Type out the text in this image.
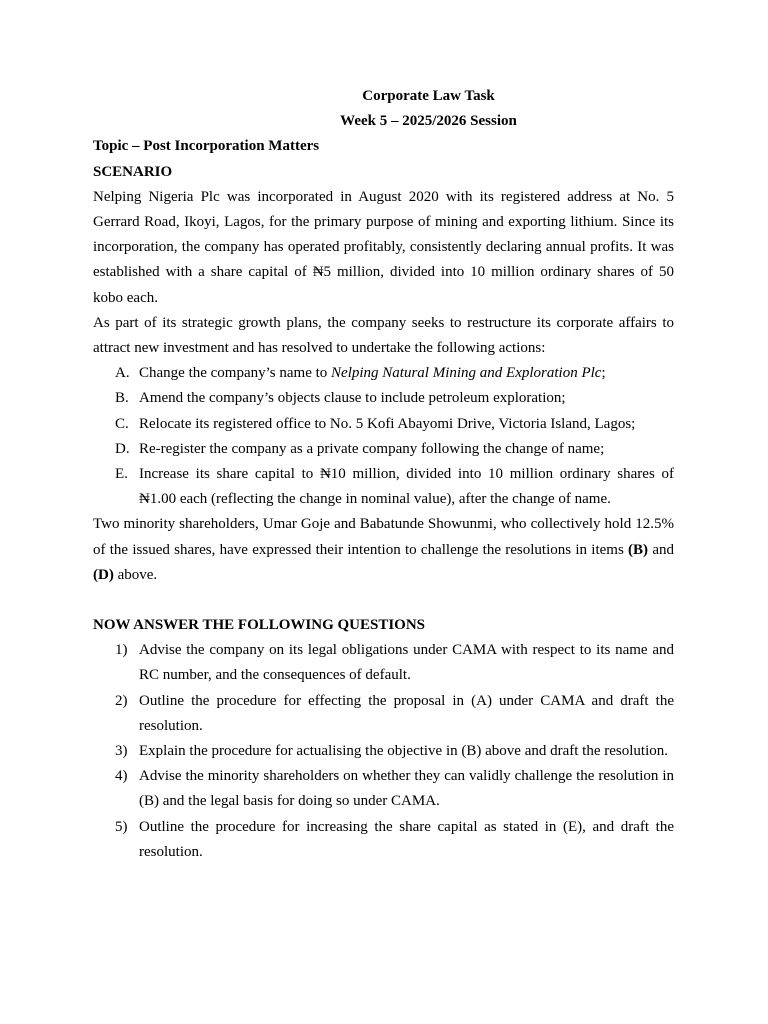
Corporate Law Task

Week 5 – 2025/2026 Session

Topic – Post Incorporation Matters

SCENARIO

Nelping Nigeria Plc was incorporated in August 2020 with its registered address at No. 5 Gerrard Road, Ikoyi, Lagos, for the primary purpose of mining and exporting lithium. Since its incorporation, the company has operated profitably, consistently declaring annual profits. It was established with a share capital of ₦5 million, divided into 10 million ordinary shares of 50 kobo each.

As part of its strategic growth plans, the company seeks to restructure its corporate affairs to attract new investment and has resolved to undertake the following actions:

A. Change the company’s name to Nelping Natural Mining and Exploration Plc;
B. Amend the company’s objects clause to include petroleum exploration;
C. Relocate its registered office to No. 5 Kofi Abayomi Drive, Victoria Island, Lagos;
D. Re-register the company as a private company following the change of name;
E. Increase its share capital to ₦10 million, divided into 10 million ordinary shares of ₦1.00 each (reflecting the change in nominal value), after the change of name.

Two minority shareholders, Umar Goje and Babatunde Showunmi, who collectively hold 12.5% of the issued shares, have expressed their intention to challenge the resolutions in items (B) and (D) above.

NOW ANSWER THE FOLLOWING QUESTIONS

1) Advise the company on its legal obligations under CAMA with respect to its name and RC number, and the consequences of default.
2) Outline the procedure for effecting the proposal in (A) under CAMA and draft the resolution.
3) Explain the procedure for actualising the objective in (B) above and draft the resolution.
4) Advise the minority shareholders on whether they can validly challenge the resolution in (B) and the legal basis for doing so under CAMA.
5) Outline the procedure for increasing the share capital as stated in (E), and draft the resolution.
